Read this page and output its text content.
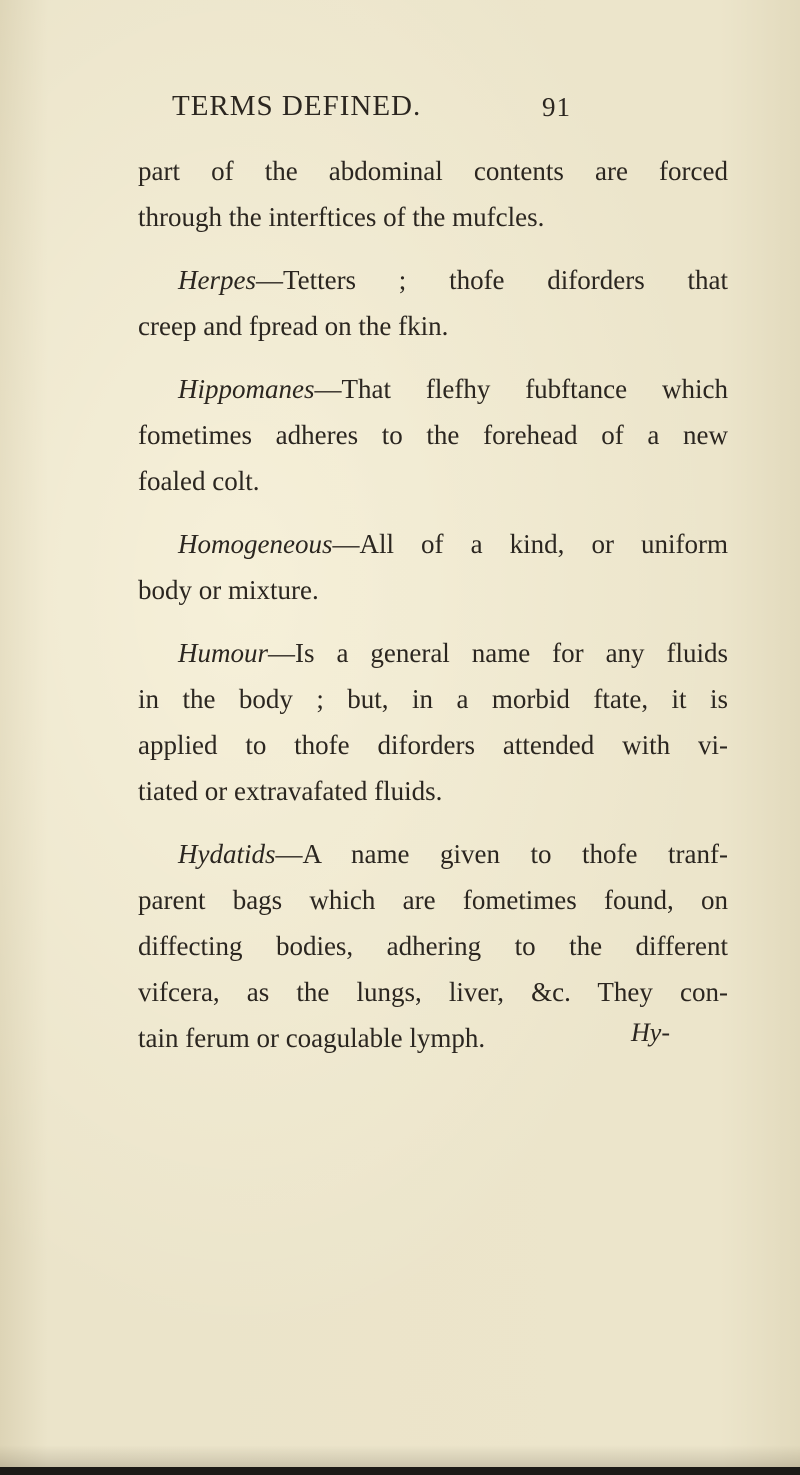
TERMS DEFINED.	91
part of the abdominal contents are forced
through the interftices of the mufcles.
Herpes—Tetters ; thofe diforders that
creep and fpread on the fkin.
Hippomanes—That flefhy fubftance which
fometimes adheres to the forehead of a new
foaled colt.
Homogeneous—All of a kind, or uniform
body or mixture.
Humour—Is a general name for any fluids
in the body ; but, in a morbid ftate, it is
applied to thofe diforders attended with vi-
tiated or extravafated fluids.
Hydatids—A name given to thofe tranf-
parent bags which are fometimes found, on
diffecting bodies, adhering to the different
vifcera, as the lungs, liver, &c. They con-
tain ferum or coagulable lymph.	Hy-
